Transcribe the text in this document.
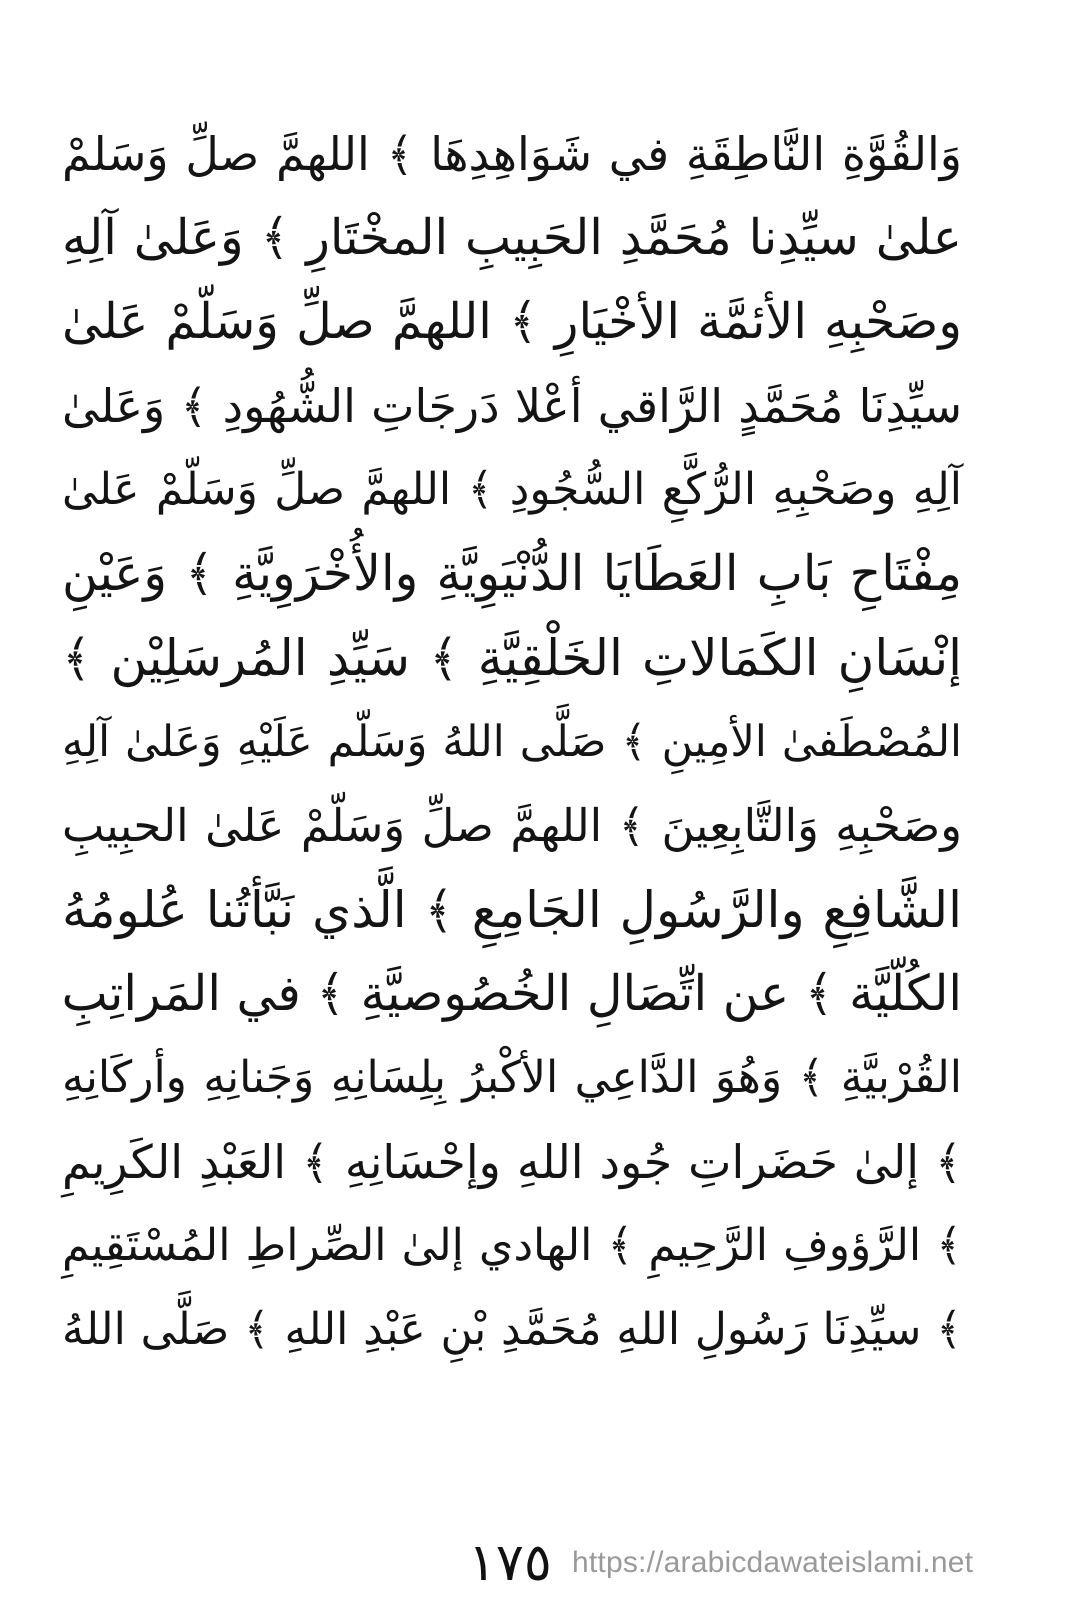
وَالقُوَّةِ النَّاطِقَةِ في شَوَاهِدِهَا ﴾ اللهمَّ صلِّ وَسَلمْ
علىٰ سيِّدِنا مُحَمَّدِ الحَبِيبِ المخْتَارِ ﴾ وَعَلىٰ آلِهِ
وصَحْبِهِ الأئمَّة الأخْيَارِ ﴾ اللهمَّ صلِّ وَسَلّمْ عَلىٰ
سيِّدِنَا مُحَمَّدٍ الرَّاقي أعْلا دَرجَاتِ الشُّهُودِ ﴾ وَعَلىٰ
آلِهِ وصَحْبِهِ الرُّكَّعِ السُّجُودِ ﴾ اللهمَّ صلِّ وَسَلّمْ عَلىٰ
مِفْتَاحِ بَابِ العَطَايَا الدُّنْيَوِيَّةِ والأُخْرَوِيَّةِ ﴾ وَعَيْنِ
إنْسَانِ الكَمَالاتِ الخَلْقِيَّةِ ﴾ سَيِّدِ المُرسَلِيْن ﴾
المُصْطَفىٰ الأمِينِ ﴾ صَلَّى اللهُ وَسَلّم عَلَيْهِ وَعَلىٰ آلِهِ
وصَحْبِهِ وَالتَّابِعِينَ ﴾ اللهمَّ صلِّ وَسَلّمْ عَلىٰ الحبِيبِ
الشَّافِعِ والرَّسُولِ الجَامِعِ ﴾ الَّذي نَبَّأتُنا عُلومُهُ
الكُلّيَّة ﴾ عن اتِّصَالِ الخُصُوصيَّةِ ﴾ في المَراتِبِ
القُرْبيَّةِ ﴾ وَهُوَ الدَّاعِي الأكْبرُ بِلِسَانِهِ وَجَنانِهِ وأركَانِهِ
﴾ إلىٰ حَضَراتِ جُود اللهِ وإحْسَانِهِ ﴾ العَبْدِ الكَرِيمِ
﴾ الرَّؤوفِ الرَّحِيمِ ﴾ الهادي إلىٰ الصِّراطِ المُسْتَقِيمِ
﴾ سيِّدِنَا رَسُولِ اللهِ مُحَمَّدِ بْنِ عَبْدِ اللهِ ﴾ صَلَّى اللهُ
١٧٥ https://arabicdawateislami.net
